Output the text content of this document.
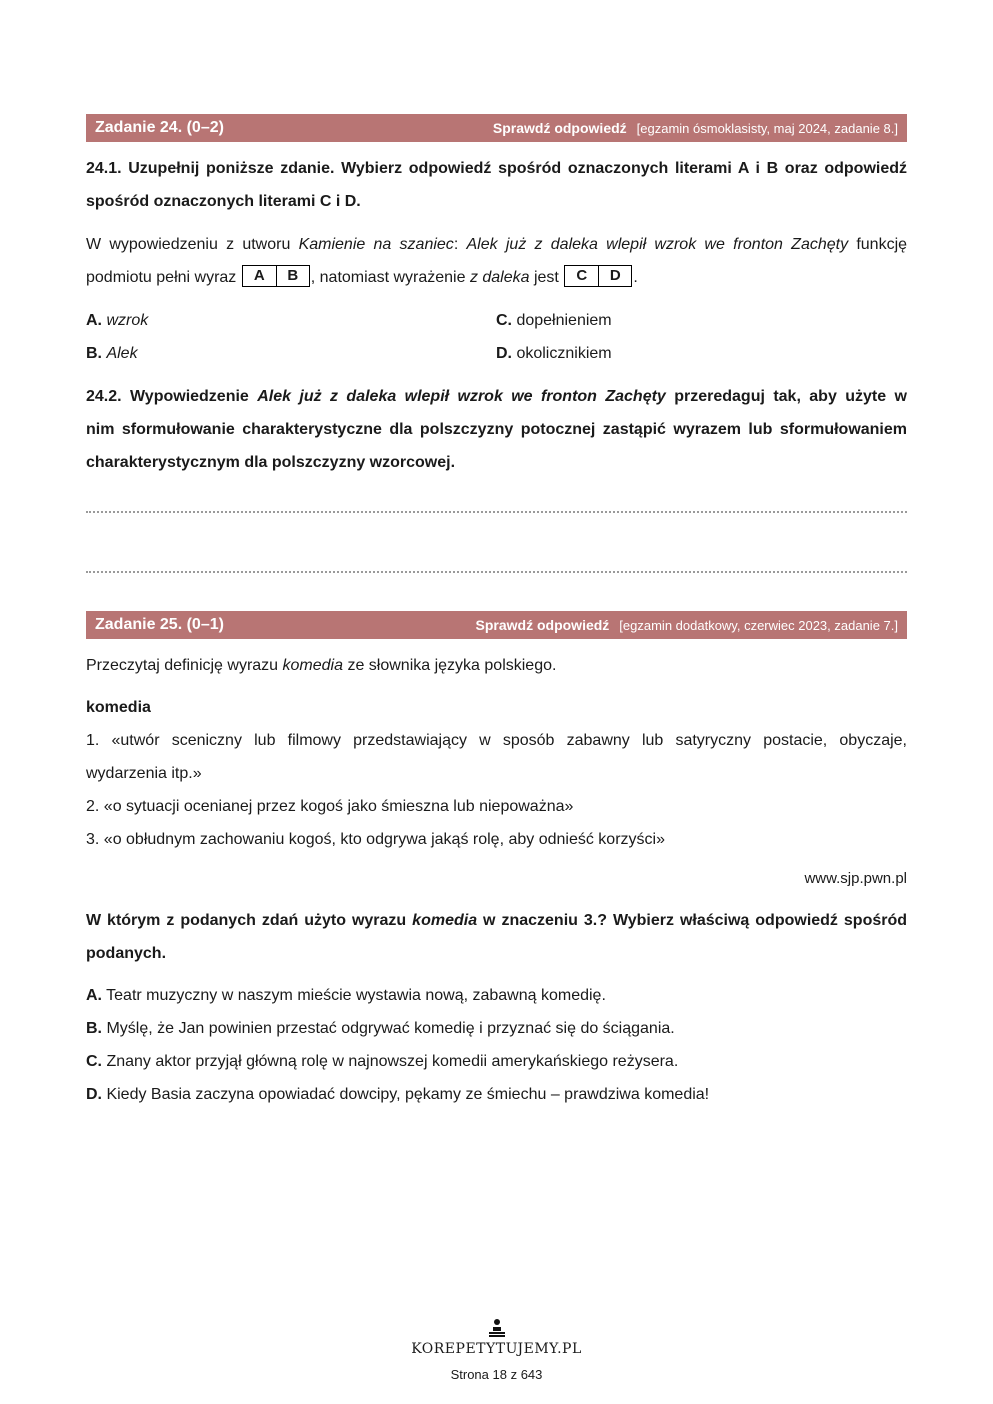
Zadanie 24. (0–2)	Sprawdź odpowiedź [egzamin ósmoklasisty, maj 2024, zadanie 8.]
24.1. Uzupełnij poniższe zdanie. Wybierz odpowiedź spośród oznaczonych literami A i B oraz odpowiedź
spośród oznaczonych literami C i D.
W wypowiedzeniu z utworu Kamienie na szaniec: Alek już z daleka wlepił wzrok we fronton Zachęty funkcję
podmiotu pełni wyraz A	B , natomiast wyrażenie z daleka jest C	D .
A. wzrok	C. dopełnieniem
B. Alek	D. okolicznikiem
24.2. Wypowiedzenie Alek już z daleka wlepił wzrok we fronton Zachęty przeredaguj tak, aby użyte w
nim sformułowanie charakterystyczne dla polszczyzny potocznej zastąpić wyrazem lub sformułowaniem
charakterystycznym dla polszczyzny wzorcowej.
Zadanie 25. (0–1)	Sprawdź odpowiedź [egzamin dodatkowy, czerwiec 2023, zadanie 7.]
Przeczytaj definicję wyrazu komedia ze słownika języka polskiego.
komedia
1. «utwór sceniczny lub filmowy przedstawiający w sposób zabawny lub satyryczny postacie, obyczaje,
wydarzenia itp.»
2. «o sytuacji ocenianej przez kogoś jako śmieszna lub niepoważna»
3. «o obłudnym zachowaniu kogoś, kto odgrywa jakąś rolę, aby odnieść korzyści»
www.sjp.pwn.pl
W którym z podanych zdań użyto wyrazu komedia w znaczeniu 3.? Wybierz właściwą odpowiedź spośród
podanych.
A. Teatr muzyczny w naszym mieście wystawia nową, zabawną komedię.
B. Myślę, że Jan powinien przestać odgrywać komedię i przyznać się do ściągania.
C. Znany aktor przyjął główną rolę w najnowszej komedii amerykańskiego reżysera.
D. Kiedy Basia zaczyna opowiadać dowcipy, pękamy ze śmiechu – prawdziwa komedia!
KOREPETYTUJEMY.PL
Strona 18 z 643
